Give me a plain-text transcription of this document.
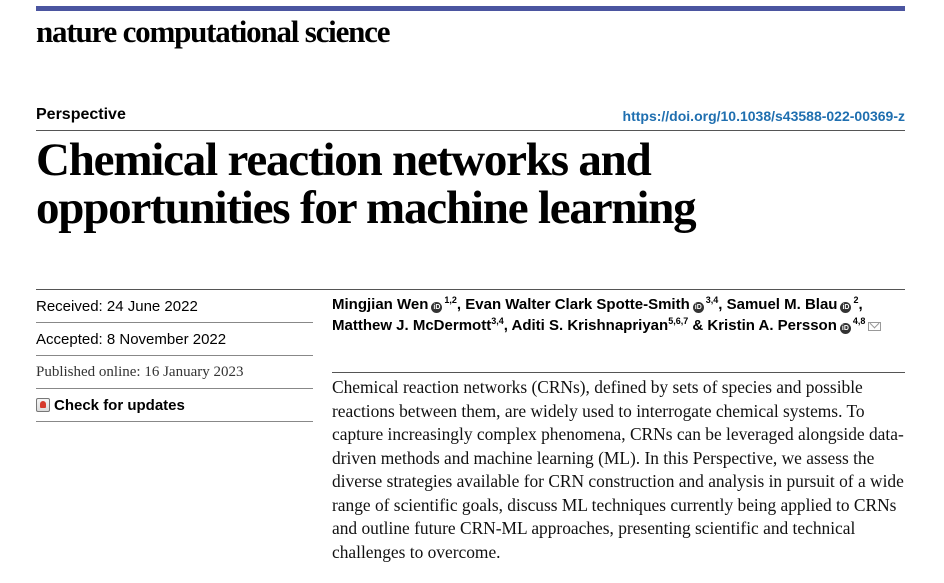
nature computational science
Perspective	https://doi.org/10.1038/s43588-022-00369-z
Chemical reaction networks and
opportunities for machine learning
Received: 24 June 2022
Accepted: 8 November 2022
Published online: 16 January 2023
Check for updates
Mingjian Wen iD$^{1,2}$, Evan Walter Clark Spotte-Smith iD$^{3,4}$, Samuel M. Blau $iD^2$,
Matthew J. McDermott$^{3,4}$, Aditi S. Krishnapriyan$^{5,6,7}$ & Kristin A. Persson iD$^{4,8}$

Chemical reaction networks (CRNs), defined by sets of species and possible reactions between them, are widely used to interrogate chemical systems. To capture increasingly complex phenomena, CRNs can be leveraged alongside data-driven methods and machine learning (ML). In this Perspective, we assess the diverse strategies available for CRN construction and analysis in pursuit of a wide range of scientific goals, discuss ML techniques currently being applied to CRNs and outline future CRN-ML approaches, presenting scientific and technical challenges to overcome.
